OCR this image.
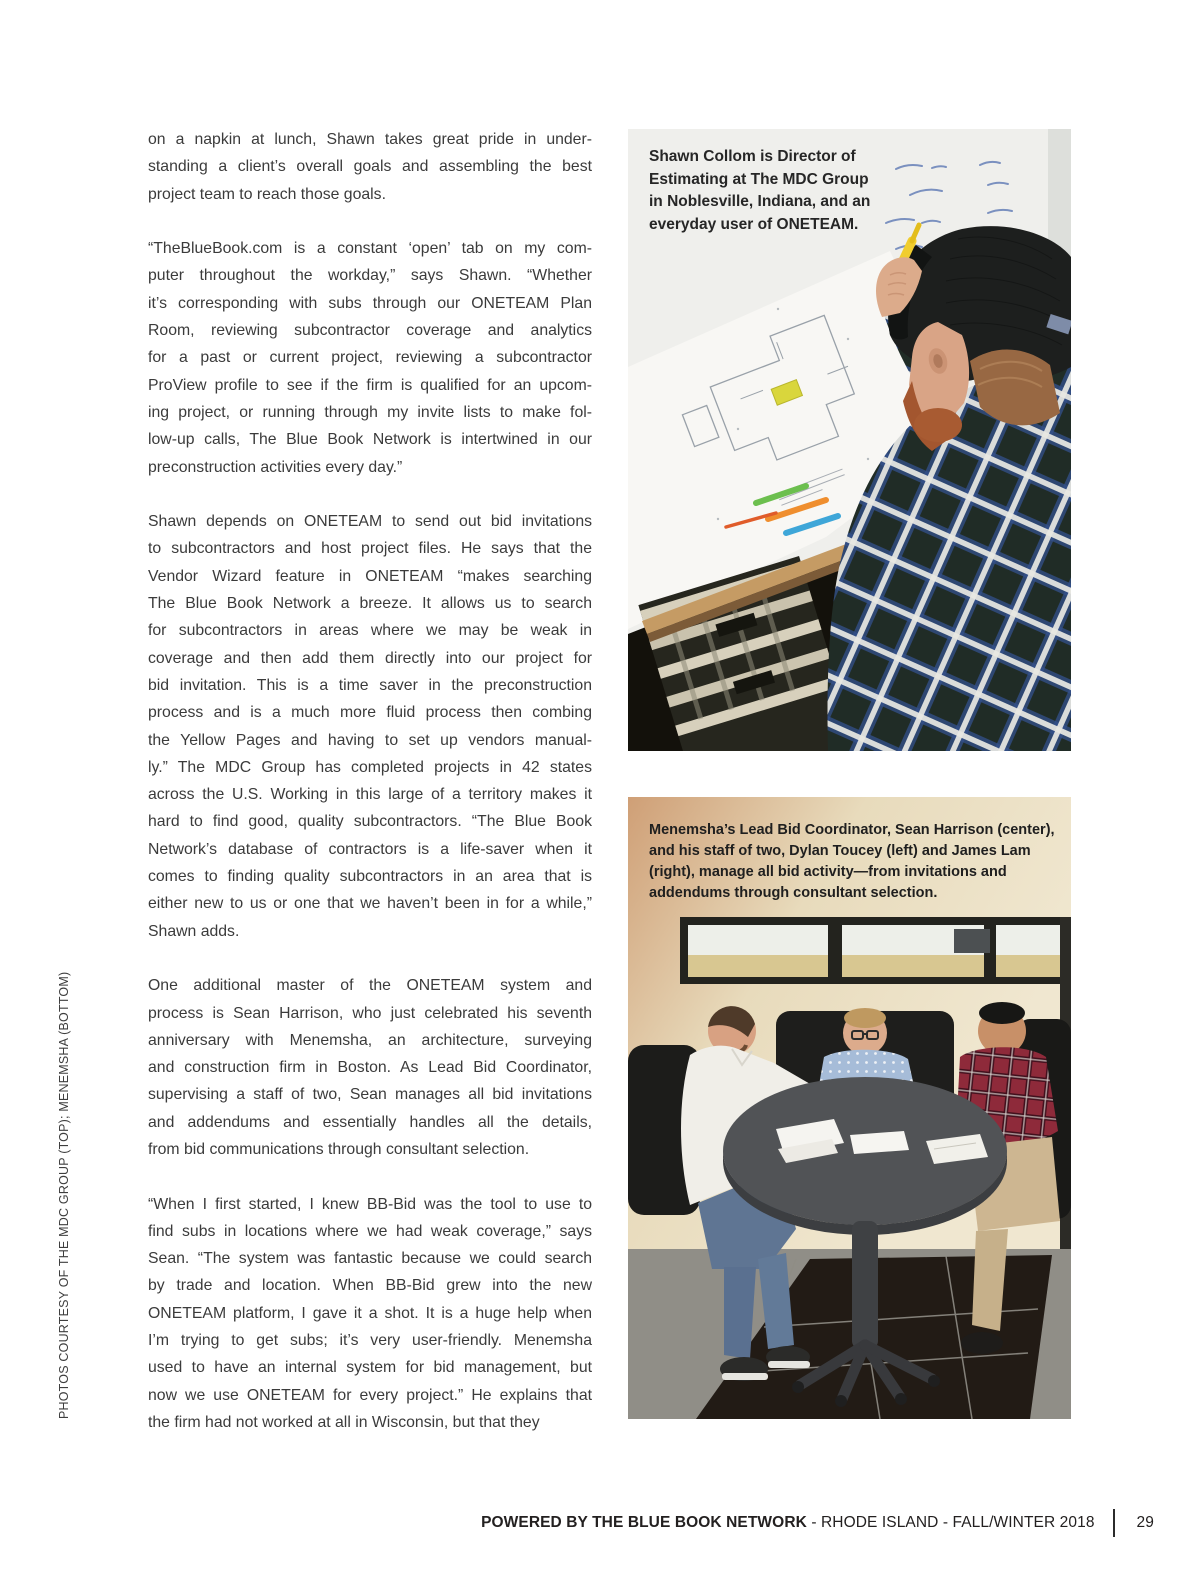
PHOTOS COURTESY OF THE MDC GROUP (TOP); MENEMSHA (BOTTOM)
on a napkin at lunch, Shawn takes great pride in under-
standing a client’s overall goals and assembling the best
project team to reach those goals.
“TheBlueBook.com is a constant ‘open’ tab on my com-
puter throughout the workday,” says Shawn. “Whether
it’s corresponding with subs through our ONETEAM Plan
Room, reviewing subcontractor coverage and analytics
for a past or current project, reviewing a subcontractor
ProView profile to see if the firm is qualified for an upcom-
ing project, or running through my invite lists to make fol-
low-up calls, The Blue Book Network is intertwined in our
preconstruction activities every day.”
Shawn depends on ONETEAM to send out bid invitations
to subcontractors and host project files. He says that the
Vendor Wizard feature in ONETEAM “makes searching
The Blue Book Network a breeze. It allows us to search
for subcontractors in areas where we may be weak in
coverage and then add them directly into our project for
bid invitation. This is a time saver in the preconstruction
process and is a much more fluid process then combing
the Yellow Pages and having to set up vendors manual-
ly.” The MDC Group has completed projects in 42 states
across the U.S. Working in this large of a territory makes it
hard to find good, quality subcontractors. “The Blue Book
Network’s database of contractors is a life-saver when it
comes to finding quality subcontractors in an area that is
either new to us or one that we haven’t been in for a while,”
Shawn adds.
One additional master of the ONETEAM system and
process is Sean Harrison, who just celebrated his seventh
anniversary with Menemsha, an architecture, surveying
and construction firm in Boston. As Lead Bid Coordinator,
supervising a staff of two, Sean manages all bid invitations
and addendums and essentially handles all the details,
from bid communications through consultant selection.
“When I first started, I knew BB-Bid was the tool to use to
find subs in locations where we had weak coverage,” says
Sean. “The system was fantastic because we could search
by trade and location. When BB-Bid grew into the new
ONETEAM platform, I gave it a shot. It is a huge help when
I’m trying to get subs; it’s very user-friendly. Menemsha
used to have an internal system for bid management, but
now we use ONETEAM for every project.” He explains that
the firm had not worked at all in Wisconsin, but that they
Shawn Collom is Director of
Estimating at The MDC Group
in Noblesville, Indiana, and an
everyday user of ONETEAM.
Menemsha’s Lead Bid Coordinator, Sean Harrison (center),
and his staff of two, Dylan Toucey (left) and James Lam
(right), manage all bid activity—from invitations and
addendums through consultant selection.
POWERED BY THE BLUE BOOK NETWORK - RHODE ISLAND - FALL/WINTER 2018	29
